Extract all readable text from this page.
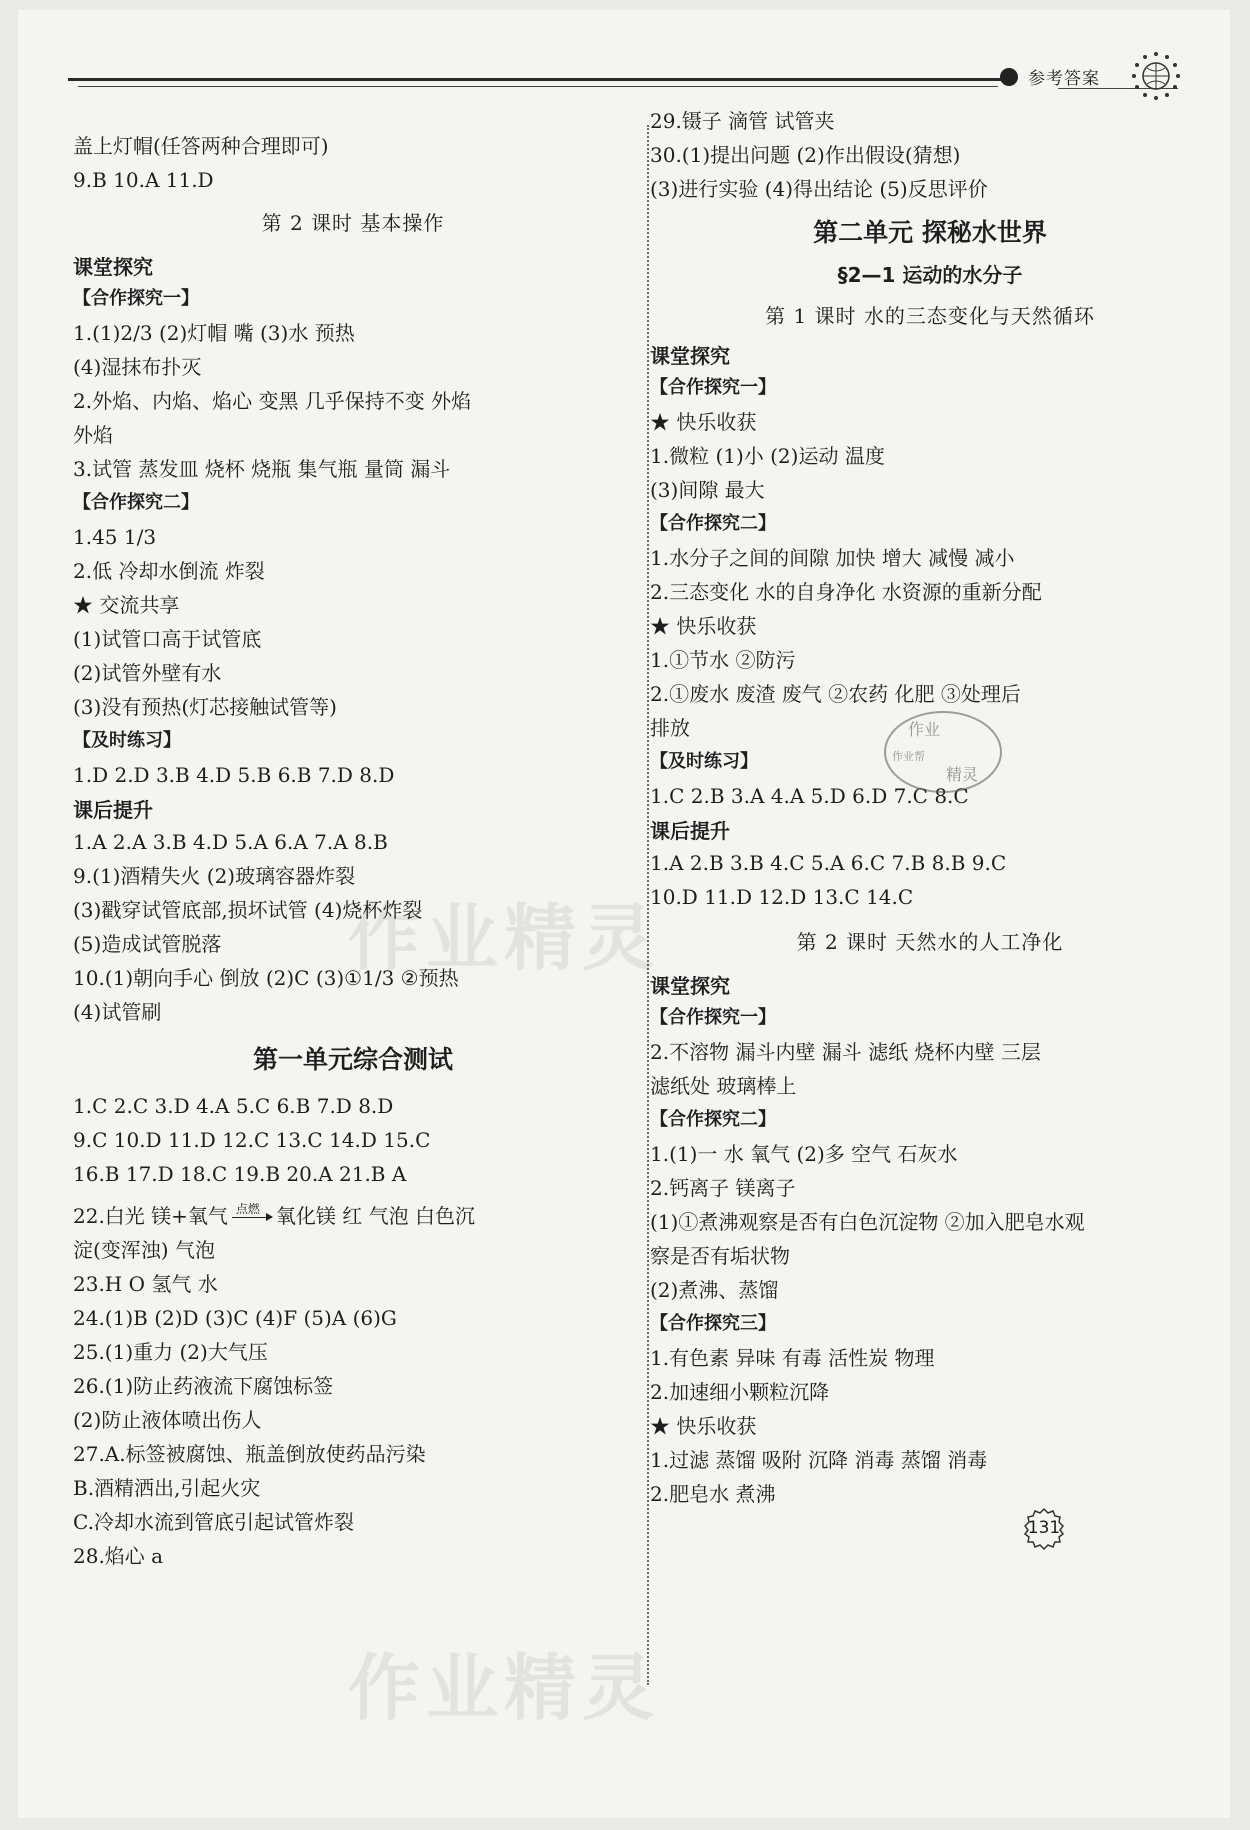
参考答案
盖上灯帽(任答两种合理即可)
9.B 10.A 11.D
第 2 课时 基本操作
课堂探究
【合作探究一】
1.(1)2/3 (2)灯帽 嘴 (3)水 预热
(4)湿抹布扑灭
2.外焰、内焰、焰心 变黑 几乎保持不变 外焰
外焰
3.试管 蒸发皿 烧杯 烧瓶 集气瓶 量筒 漏斗
【合作探究二】
1.45 1/3
2.低 冷却水倒流 炸裂
★ 交流共享
(1)试管口高于试管底
(2)试管外壁有水
(3)没有预热(灯芯接触试管等)
【及时练习】
1.D 2.D 3.B 4.D 5.B 6.B 7.D 8.D
课后提升
1.A 2.A 3.B 4.D 5.A 6.A 7.A 8.B
9.(1)酒精失火 (2)玻璃容器炸裂
(3)戳穿试管底部,损坏试管 (4)烧杯炸裂
(5)造成试管脱落
10.(1)朝向手心 倒放 (2)C (3)①1/3 ②预热
(4)试管刷
第一单元综合测试
1.C 2.C 3.D 4.A 5.C 6.B 7.D 8.D
9.C 10.D 11.D 12.C 13.C 14.D 15.C
16.B 17.D 18.C 19.B 20.A 21.B A
22.白光 镁+氧气 点燃 氧化镁 红 气泡 白色沉
淀(变浑浊) 气泡
23.H O 氢气 水
24.(1)B (2)D (3)C (4)F (5)A (6)G
25.(1)重力 (2)大气压
26.(1)防止药液流下腐蚀标签
(2)防止液体喷出伤人
27.A.标签被腐蚀、瓶盖倒放使药品污染
B.酒精洒出,引起火灾
C.冷却水流到管底引起试管炸裂
28.焰心 a
29.镊子 滴管 试管夹
30.(1)提出问题 (2)作出假设(猜想)
(3)进行实验 (4)得出结论 (5)反思评价
第二单元 探秘水世界
§2—1 运动的水分子
第 1 课时 水的三态变化与天然循环
课堂探究
【合作探究一】
★ 快乐收获
1.微粒 (1)小 (2)运动 温度
(3)间隙 最大
【合作探究二】
1.水分子之间的间隙 加快 增大 减慢 减小
2.三态变化 水的自身净化 水资源的重新分配
★ 快乐收获
1.①节水 ②防污
2.①废水 废渣 废气 ②农药 化肥 ③处理后
排放
【及时练习】
1.C 2.B 3.A 4.A 5.D 6.D 7.C 8.C
课后提升
1.A 2.B 3.B 4.C 5.A 6.C 7.B 8.B 9.C
10.D 11.D 12.D 13.C 14.C
第 2 课时 天然水的人工净化
课堂探究
【合作探究一】
2.不溶物 漏斗内壁 漏斗 滤纸 烧杯内壁 三层
滤纸处 玻璃棒上
【合作探究二】
1.(1)一 水 氧气 (2)多 空气 石灰水
2.钙离子 镁离子
(1)①煮沸观察是否有白色沉淀物 ②加入肥皂水观
察是否有垢状物
(2)煮沸、蒸馏
【合作探究三】
1.有色素 异味 有毒 活性炭 物理
2.加速细小颗粒沉降
★ 快乐收获
1.过滤 蒸馏 吸附 沉降 消毒 蒸馏 消毒
2.肥皂水 煮沸
作业
作业帮
精灵
作业精灵
作业精灵
131
